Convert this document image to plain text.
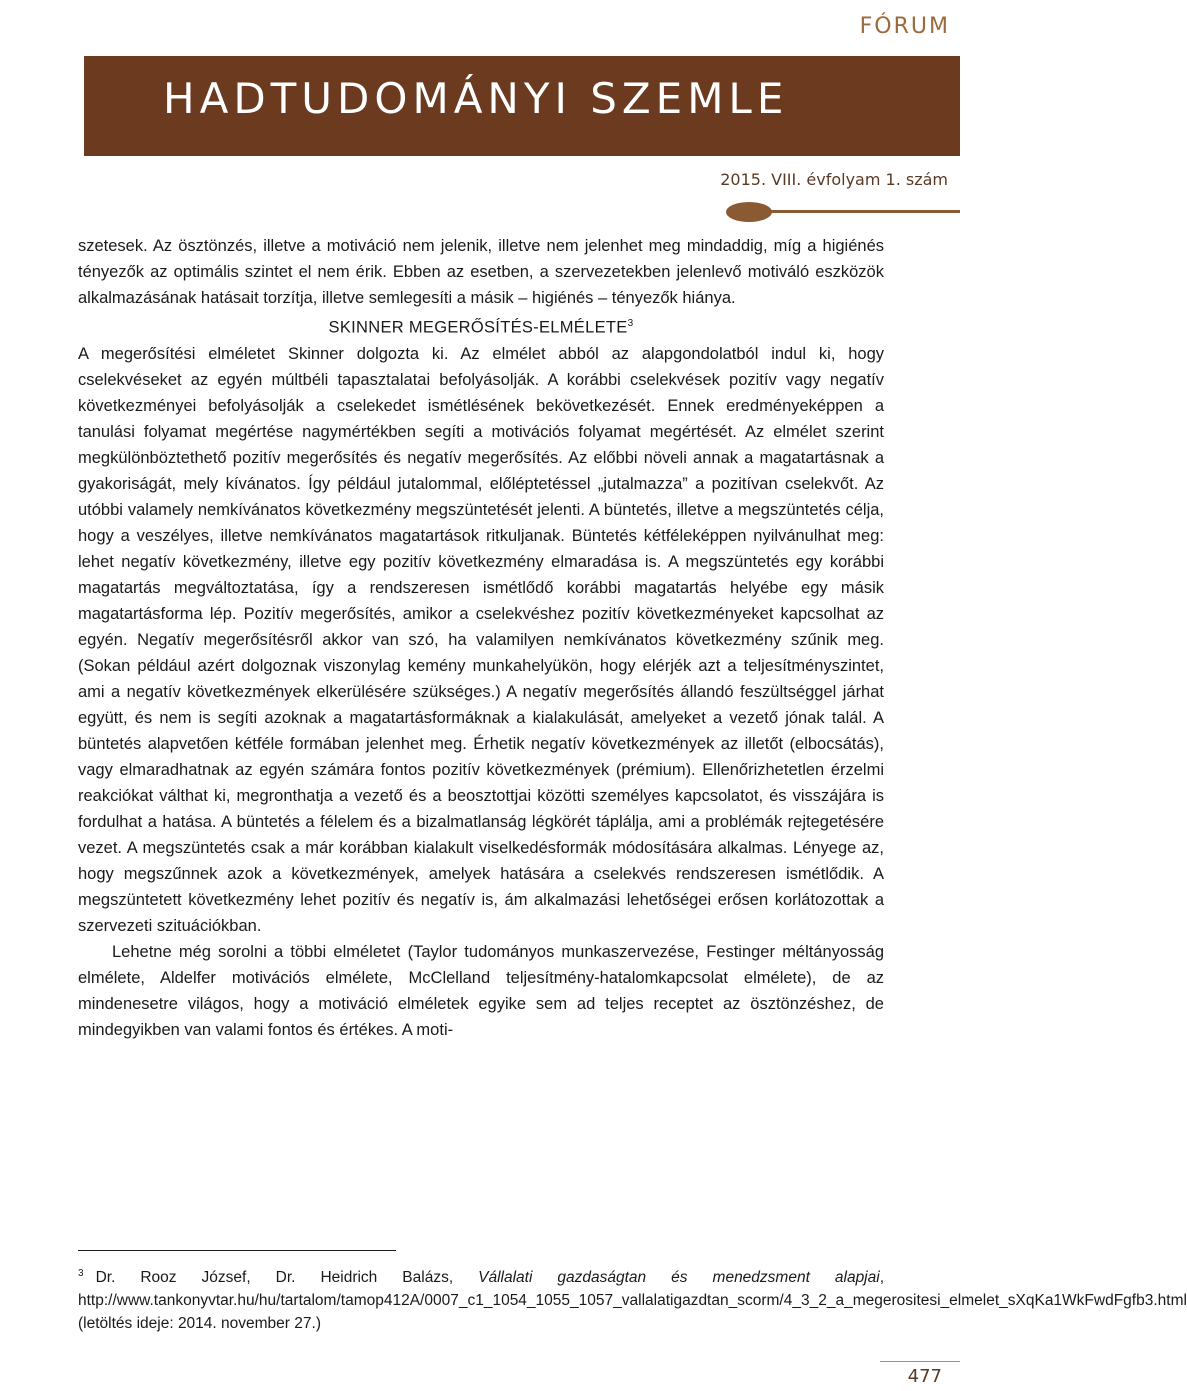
FÓRUM
HADTUDOMÁNYI SZEMLE
2015. VIII. évfolyam 1. szám

szetesek. Az ösztönzés, illetve a motiváció nem jelenik, illetve nem jelenhet meg mindaddig, míg a higiénés tényezők az optimális szintet el nem érik. Ebben az esetben, a szervezetekben jelenlevő motiváló eszközök alkalmazásának hatásait torzítja, illetve semlegesíti a másik – higiénés – tényezők hiánya.

SKINNER MEGERŐSÍTÉS-ELMÉLETE$^3$

A megerősítési elméletet Skinner dolgozta ki. Az elmélet abból az alapgondolatból indul ki, hogy cselekvéseket az egyén múltbéli tapasztalatai befolyásolják. A korábbi cselekvések pozitív vagy negatív következményei befolyásolják a cselekedet ismétlésének bekövetkezését. Ennek eredményeképpen a tanulási folyamat megértése nagymértékben segíti a motivációs folyamat megértését. Az elmélet szerint megkülönböztethető pozitív megerősítés és negatív megerősítés. Az előbbi növeli annak a magatartásnak a gyakoriságát, mely kívánatos. Így például jutalommal, előléptetéssel „jutalmazza” a pozitívan cselekvőt. Az utóbbi valamely nemkívánatos következmény megszüntetését jelenti. A büntetés, illetve a megszüntetés célja, hogy a veszélyes, illetve nemkívánatos magatartások ritkuljanak. Büntetés kétféleképpen nyilvánulhat meg: lehet negatív következmény, illetve egy pozitív következmény elmaradása is. A megszüntetés egy korábbi magatartás megváltoztatása, így a rendszeresen ismétlődő korábbi magatartás helyébe egy másik magatartásforma lép. Pozitív megerősítés, amikor a cselekvéshez pozitív következményeket kapcsolhat az egyén. Negatív megerősítésről akkor van szó, ha valamilyen nemkívánatos következmény szűnik meg. (Sokan például azért dolgoznak viszonylag kemény munkahelyükön, hogy elérjék azt a teljesítményszintet, ami a negatív következmények elkerülésére szükséges.) A negatív megerősítés állandó feszültséggel járhat együtt, és nem is segíti azoknak a magatartásformáknak a kialakulását, amelyeket a vezető jónak talál. A büntetés alapvetően kétféle formában jelenhet meg. Érhetik negatív következmények az illetőt (elbocsátás), vagy elmaradhatnak az egyén számára fontos pozitív következmények (prémium). Ellenőrizhetetlen érzelmi reakciókat válthat ki, megronthatja a vezető és a beosztottjai közötti személyes kapcsolatot, és visszájára is fordulhat a hatása. A büntetés a félelem és a bizalmatlanság légkörét táplálja, ami a problémák rejtegetésére vezet. A megszüntetés csak a már korábban kialakult viselkedésformák módosítására alkalmas. Lényege az, hogy megszűnnek azok a következmények, amelyek hatására a cselekvés rendszeresen ismétlődik. A megszüntetett következmény lehet pozitív és negatív is, ám alkalmazási lehetőségei erősen korlátozottak a szervezeti szituációkban.

Lehetne még sorolni a többi elméletet (Taylor tudományos munkaszervezése, Festinger méltányosság elmélete, Aldelfer motivációs elmélete, McClelland teljesítmény-hatalomkapcsolat elmélete), de az mindenesetre világos, hogy a motiváció elméletek egyike sem ad teljes receptet az ösztönzéshez, de mindegyikben van valami fontos és értékes. A moti-

$^3$ Dr. Rooz József, Dr. Heidrich Balázs, Vállalati gazdaságtan és menedzsment alapjai, http://www.tankonyvtar.hu/hu/tartalom/tamop412A/0007_c1_1054_1055_1057_vallalatigazdtan_scorm/4_3_2_a_megerositesi_elmelet_sXqKa1WkFwdFgfb3.html (letöltés ideje: 2014. november 27.)
477
